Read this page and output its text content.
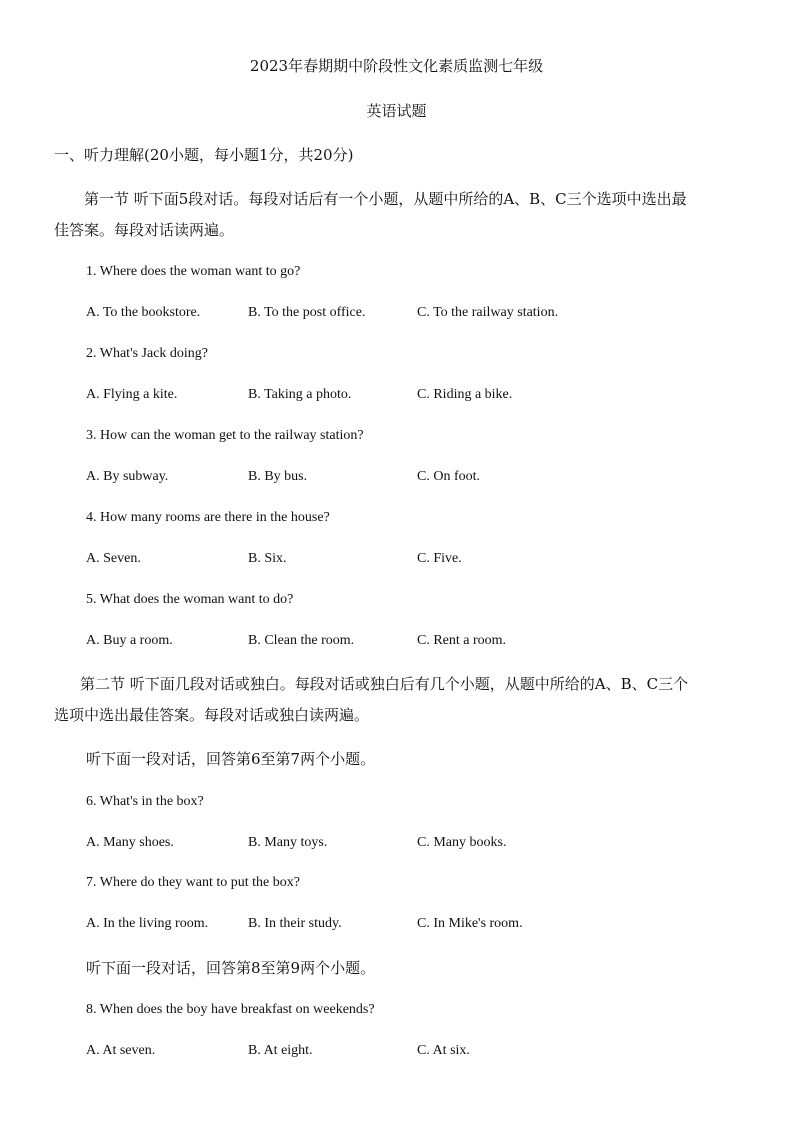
2023年春期期中阶段性文化素质监测七年级
英语试题
一、听力理解(20小题，每小题1分，共20分)
第一节 听下面5段对话。每段对话后有一个小题，从题中所给的A、B、C三个选项中选出最
佳答案。每段对话读两遍。
1. Where does the woman want to go?
A. To the bookstore.	B. To the post office.	C. To the railway station.
2. What's Jack doing?
A. Flying a kite.	B. Taking a photo.	C. Riding a bike.
3. How can the woman get to the railway station?
A. By subway.	B. By bus.	C. On foot.
4. How many rooms are there in the house?
A. Seven.	B. Six.	C. Five.
5. What does the woman want to do?
A. Buy a room.	B. Clean the room.	C. Rent a room.
第二节 听下面几段对话或独白。每段对话或独白后有几个小题，从题中所给的A、B、C三个
选项中选出最佳答案。每段对话或独白读两遍。
听下面一段对话，回答第6至第7两个小题。
6. What's in the box?
A. Many shoes.	B. Many toys.	C. Many books.
7. Where do they want to put the box?
A. In the living room.	B. In their study.	C. In Mike's room.
听下面一段对话，回答第8至第9两个小题。
8. When does the boy have breakfast on weekends?
A. At seven.	B. At eight.	C. At six.
